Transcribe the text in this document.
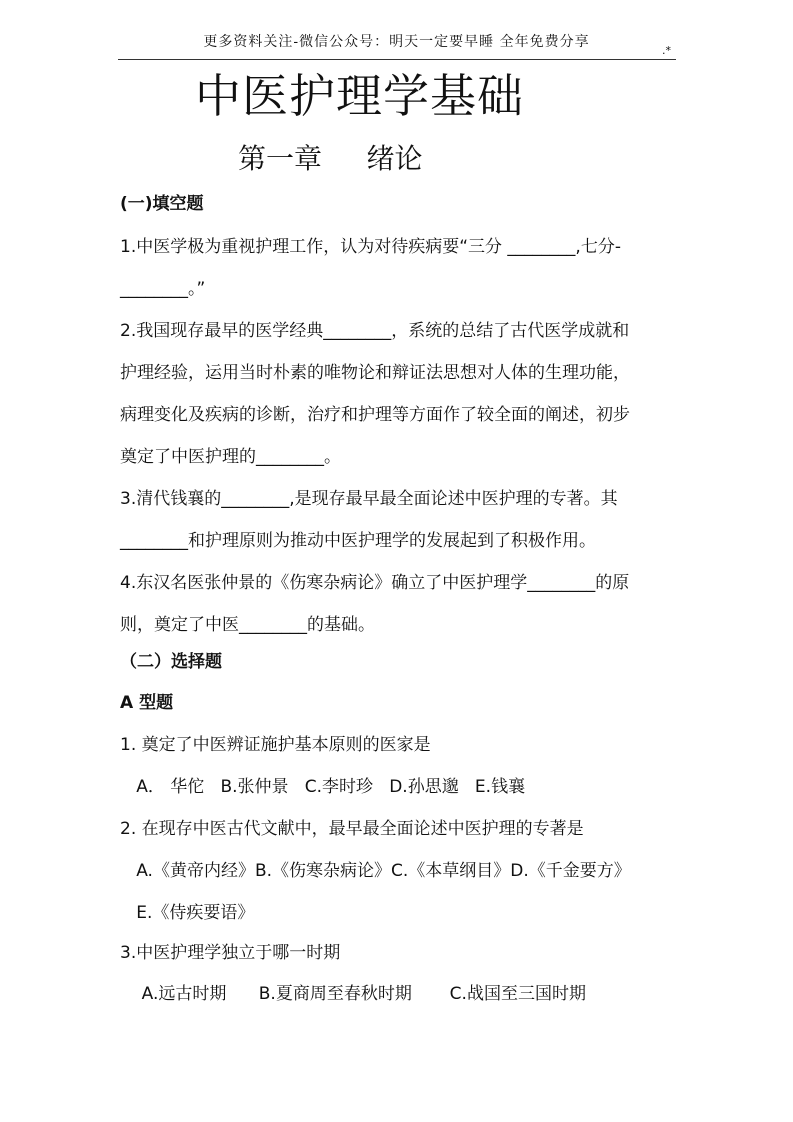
更多资料关注-微信公众号：明天一定要早睡 全年免费分享
.*
中医护理学基础
第一章     绪论
(一)填空题
1.中医学极为重视护理工作，认为对待疾病要“三分 ________,七分-
________。”
2.我国现存最早的医学经典________，系统的总结了古代医学成就和
护理经验，运用当时朴素的唯物论和辩证法思想对人体的生理功能，
病理变化及疾病的诊断，治疗和护理等方面作了较全面的阐述，初步
奠定了中医护理的________。
3.清代钱襄的________,是现存最早最全面论述中医护理的专著。其
________和护理原则为推动中医护理学的发展起到了积极作用。
4.东汉名医张仲景的《伤寒杂病论》确立了中医护理学________的原
则，奠定了中医________的基础。
（二）选择题
A 型题
1. 奠定了中医辨证施护基本原则的医家是
A． 华佗   B.张仲景   C.李时珍   D.孙思邈   E.钱襄
2. 在现存中医古代文献中，最早最全面论述中医护理的专著是
A.《黄帝内经》B.《伤寒杂病论》C.《本草纲目》D.《千金要方》
E.《侍疾要语》
3.中医护理学独立于哪一时期
A.远古时期      B.夏商周至春秋时期       C.战国至三国时期
